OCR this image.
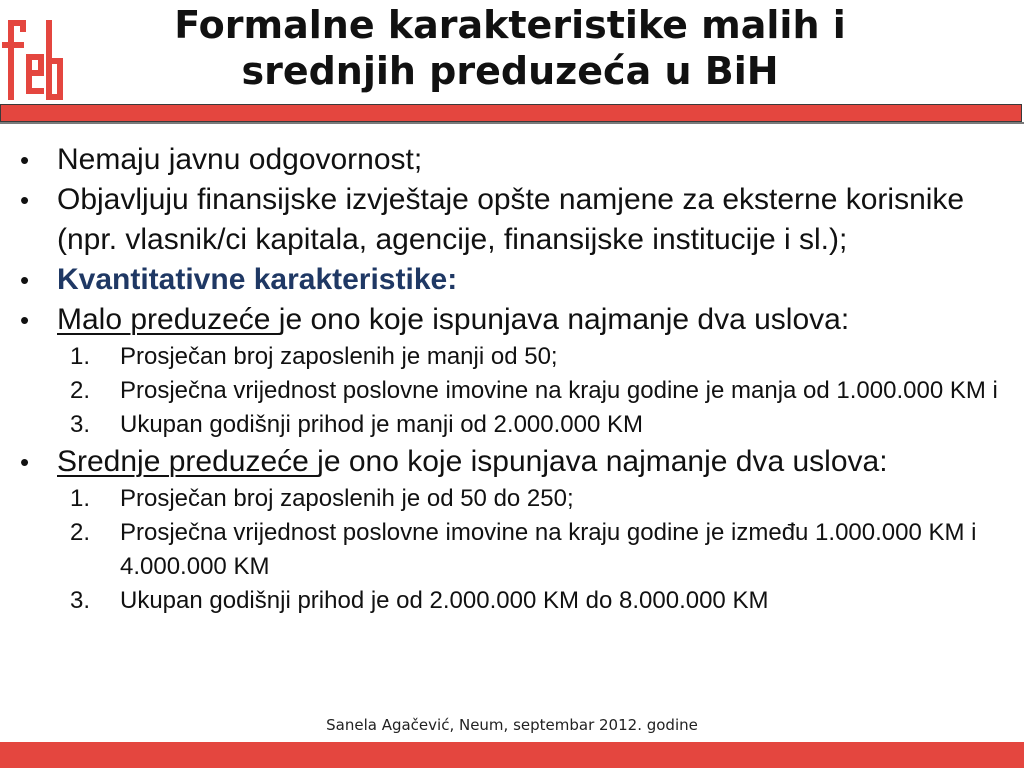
Formalne karakteristike malih i srednjih preduzeća u BiH
• Nemaju javnu odgovornost;
• Objavljuju finansijske izvještaje opšte namjene za eksterne korisnike (npr. vlasnik/ci kapitala, agencije, finansijske institucije i sl.);
• Kvantitativne karakteristike:
• Malo preduzeće je ono koje ispunjava najmanje dva uslova:
1. Prosječan broj zaposlenih je manji od 50;
2. Prosječna vrijednost poslovne imovine na kraju godine je manja od 1.000.000 KM i
3. Ukupan godišnji prihod je manji od 2.000.000 KM
• Srednje preduzeće je ono koje ispunjava najmanje dva uslova:
1. Prosječan broj zaposlenih je od 50 do 250;
2. Prosječna vrijednost poslovne imovine na kraju godine je između 1.000.000 KM i 4.000.000 KM
3. Ukupan godišnji prihod je od 2.000.000 KM do 8.000.000 KM
Sanela Agačević, Neum, septembar 2012. godine
